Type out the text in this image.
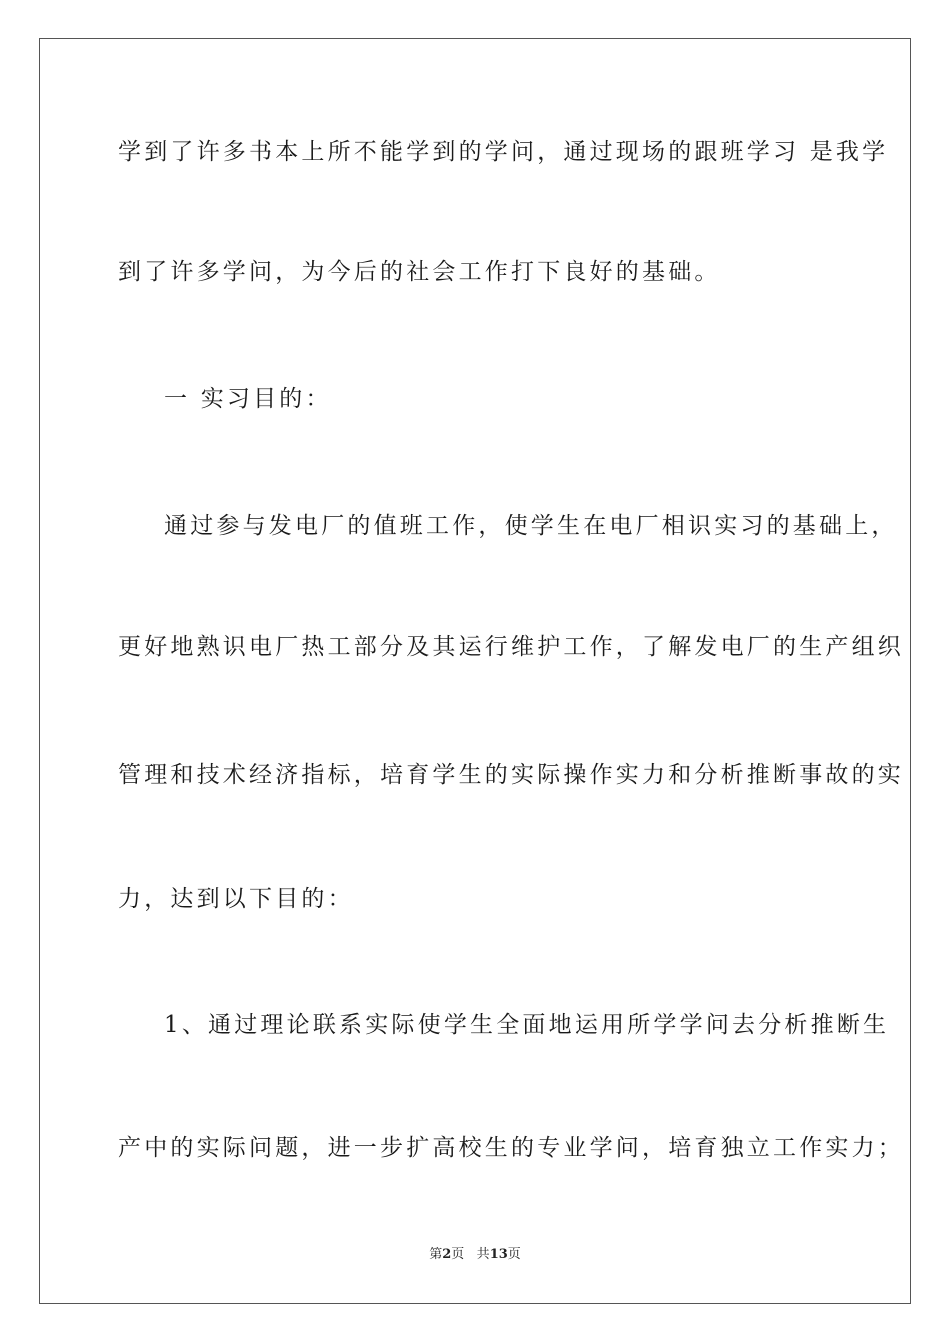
学到了许多书本上所不能学到的学问，通过现场的跟班学习 是我学
到了许多学问，为今后的社会工作打下良好的基础。
一 实习目的：
通过参与发电厂的值班工作，使学生在电厂相识实习的基础上，
更好地熟识电厂热工部分及其运行维护工作，了解发电厂的生产组织
管理和技术经济指标，培育学生的实际操作实力和分析推断事故的实
力，达到以下目的：
1、通过理论联系实际使学生全面地运用所学学问去分析推断生
产中的实际问题，进一步扩高校生的专业学问，培育独立工作实力；
第2页 共13页
